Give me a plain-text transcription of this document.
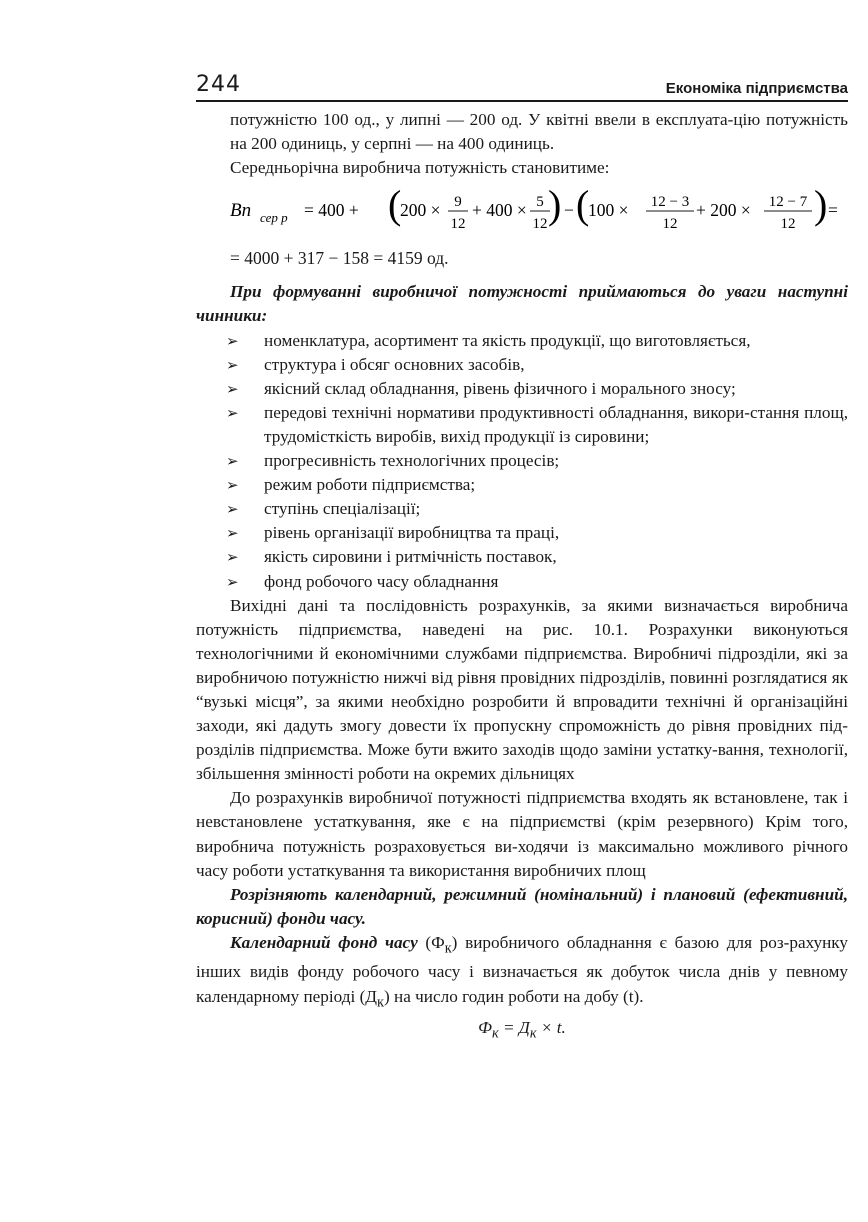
244	Економіка підприємства

потужністю 100 од., у липні — 200 од. У квітні ввели в експлуата-цію потужність на 200 одиниць, у серпні — на 400 одиниць.

Середньорічна виробнича потужність становитиме:

Вп сер р = 400 + (
200 × 9
12
+ 400 × 5
12 ) − (
100 × 12 − 3
12
+ 200 × 12 − 7
12 ) =

= 4000 + 317 − 158 = 4159 од.

При формуванні виробничої потужності приймаються до уваги наступні чинники:

➢ номенклатура, асортимент та якість продукції, що виготовляється,
➢ структура і обсяг основних засобів,
➢ якісний склад обладнання, рівень фізичного і морального зносу;
➢ передові технічні нормативи продуктивності обладнання, викори-стання площ, трудомісткість виробів, вихід продукції із сировини;
➢ прогресивність технологічних процесів;
➢ режим роботи підприємства;
➢ ступінь спеціалізації;
➢ рівень організації виробництва та праці,
➢ якість сировини і ритмічність поставок,
➢ фонд робочого часу обладнання

Вихідні дані та послідовність розрахунків, за якими визначається виробнича потужність підприємства, наведені на рис. 10.1. Розрахунки виконуються технологічними й економічними службами підприємства. Виробничі підрозділи, які за виробничою потужністю нижчі від рівня провідних підрозділів, повинні розглядатися як “вузькі місця”, за якими необхідно розробити й впровадити технічні й організаційні заходи, які дадуть змогу довести їх пропускну спроможність до рівня провідних під-розділів підприємства. Може бути вжито заходів щодо заміни устатку-вання, технології, збільшення змінності роботи на окремих дільницях

До розрахунків виробничої потужності підприємства входять як встановлене, так і невстановлене устаткування, яке є на підприємстві (крім резервного) Крім того, виробнича потужність розраховується ви-ходячи із максимально можливого річного часу роботи устаткування та використання виробничих площ

Розрізняють календарний, режимний (номінальний) і плановий (ефективний, корисний) фонди часу.

Календарний фонд часу $(Ф_к)$ виробничого обладнання є базою для роз-рахунку інших видів фонду робочого часу і визначається як добуток числа днів у певному календарному періоді $(Д_к)$ на число годин роботи на добу (t).

$Ф_к = Д_к \times t$.
